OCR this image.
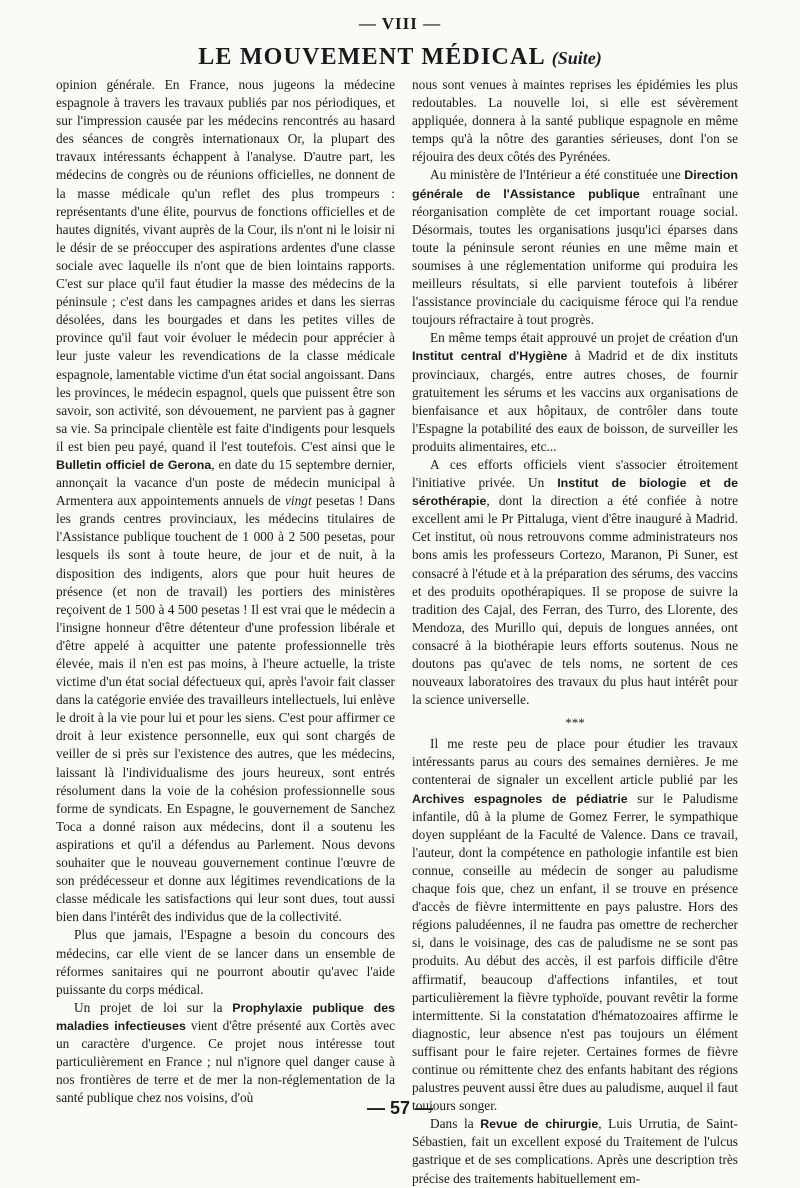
— VIII —
LE MOUVEMENT MÉDICAL (Suite)

opinion générale. En France, nous jugeons la médecine espagnole à travers les travaux publiés par nos périodiques, et sur l'impression causée par les médecins rencontrés au hasard des séances de congrès internationaux Or, la plupart des travaux intéressants échappent à l'analyse. D'autre part, les médecins de congrès ou de réunions officielles, ne donnent de la masse médicale qu'un reflet des plus trompeurs : représentants d'une élite, pourvus de fonctions officielles et de hautes dignités, vivant auprès de la Cour, ils n'ont ni le loisir ni le désir de se préoccuper des aspirations ardentes d'une classe sociale avec laquelle ils n'ont que de bien lointains rapports. C'est sur place qu'il faut étudier la masse des médecins de la péninsule ; c'est dans les campagnes arides et dans les sierras désolées, dans les bourgades et dans les petites villes de province qu'il faut voir évoluer le médecin pour apprécier à leur juste valeur les revendications de la classe médicale espagnole, lamentable victime d'un état social angoissant. Dans les provinces, le médecin espagnol, quels que puissent être son savoir, son activité, son dévouement, ne parvient pas à gagner sa vie. Sa principale clientèle est faite d'indigents pour lesquels il est bien peu payé, quand il l'est toutefois. C'est ainsi que le Bulletin officiel de Gerona, en date du 15 septembre dernier, annonçait la vacance d'un poste de médecin municipal à Armentera aux appointements annuels de vingt pesetas ! Dans les grands centres provinciaux, les médecins titulaires de l'Assistance publique touchent de 1 000 à 2 500 pesetas, pour lesquels ils sont à toute heure, de jour et de nuit, à la disposition des indigents, alors que pour huit heures de présence (et non de travail) les portiers des ministères reçoivent de 1 500 à 4 500 pesetas ! Il est vrai que le médecin a l'insigne honneur d'être détenteur d'une profession libérale et d'être appelé à acquitter une patente professionnelle très élevée, mais il n'en est pas moins, à l'heure actuelle, la triste victime d'un état social défectueux qui, après l'avoir fait classer dans la catégorie enviée des travailleurs intellectuels, lui enlève le droit à la vie pour lui et pour les siens. C'est pour affirmer ce droit à leur existence personnelle, eux qui sont chargés de veiller de si près sur l'existence des autres, que les médecins, laissant là l'individualisme des jours heureux, sont entrés résolument dans la voie de la cohésion professionnelle sous forme de syndicats. En Espagne, le gouvernement de Sanchez Toca a donné raison aux médecins, dont il a soutenu les aspirations et qu'il a défendus au Parlement. Nous devons souhaiter que le nouveau gouvernement continue l'œuvre de son prédécesseur et donne aux légitimes revendications de la classe médicale les satisfactions qui leur sont dues, tout aussi bien dans l'intérêt des individus que de la collectivité.

Plus que jamais, l'Espagne a besoin du concours des médecins, car elle vient de se lancer dans un ensemble de réformes sanitaires qui ne pourront aboutir qu'avec l'aide puissante du corps médical.

Un projet de loi sur la Prophylaxie publique des maladies infectieuses vient d'être présenté aux Cortès avec un caractère d'urgence. Ce projet nous intéresse tout particulièrement en France ; nul n'ignore quel danger cause à nos frontières de terre et de mer la non-réglementation de la santé publique chez nos voisins, d'où

nous sont venues à maintes reprises les épidémies les plus redoutables. La nouvelle loi, si elle est sévèrement appliquée, donnera à la santé publique espagnole en même temps qu'à la nôtre des garanties sérieuses, dont l'on se réjouira des deux côtés des Pyrénées.

Au ministère de l'Intérieur a été constituée une Direction générale de l'Assistance publique entraînant une réorganisation complète de cet important rouage social. Désormais, toutes les organisations jusqu'ici éparses dans toute la péninsule seront réunies en une même main et soumises à une réglementation uniforme qui produira les meilleurs résultats, si elle parvient toutefois à libérer l'assistance provinciale du caciquisme féroce qui l'a rendue toujours réfractaire à tout progrès.

En même temps était approuvé un projet de création d'un Institut central d'Hygiène à Madrid et de dix instituts provinciaux, chargés, entre autres choses, de fournir gratuitement les sérums et les vaccins aux organisations de bienfaisance et aux hôpitaux, de contrôler dans toute l'Espagne la potabilité des eaux de boisson, de surveiller les produits alimentaires, etc...

A ces efforts officiels vient s'associer étroitement l'initiative privée. Un Institut de biologie et de sérothérapie, dont la direction a été confiée à notre excellent ami le Pr Pittaluga, vient d'être inauguré à Madrid. Cet institut, où nous retrouvons comme administrateurs nos bons amis les professeurs Cortezo, Maranon, Pi Suner, est consacré à l'étude et à la préparation des sérums, des vaccins et des produits opothérapiques. Il se propose de suivre la tradition des Cajal, des Ferran, des Turro, des Llorente, des Mendoza, des Murillo qui, depuis de longues années, ont consacré à la biothérapie leurs efforts soutenus. Nous ne doutons pas qu'avec de tels noms, ne sortent de ces nouveaux laboratoires des travaux du plus haut intérêt pour la science universelle.

***

Il me reste peu de place pour étudier les travaux intéressants parus au cours des semaines dernières. Je me contenterai de signaler un excellent article publié par les Archives espagnoles de pédiatrie sur le Paludisme infantile, dû à la plume de Gomez Ferrer, le sympathique doyen suppléant de la Faculté de Valence. Dans ce travail, l'auteur, dont la compétence en pathologie infantile est bien connue, conseille au médecin de songer au paludisme chaque fois que, chez un enfant, il se trouve en présence d'accès de fièvre intermittente en pays palustre. Hors des régions paludéennes, il ne faudra pas omettre de rechercher si, dans le voisinage, des cas de paludisme ne se sont pas produits. Au début des accès, il est parfois difficile d'être affirmatif, beaucoup d'affections infantiles, et tout particulièrement la fièvre typhoïde, pouvant revêtir la forme intermittente. Si la constatation d'hématozoaires affirme le diagnostic, leur absence n'est pas toujours un élément suffisant pour le faire rejeter. Certaines formes de fièvre continue ou rémittente chez des enfants habitant des régions palustres peuvent aussi être dues au paludisme, auquel il faut toujours songer.

Dans la Revue de chirurgie, Luis Urrutia, de Saint-Sébastien, fait un excellent exposé du Traitement de l'ulcus gastrique et de ses complications. Après une description très précise des traitements habituellement em-

— 57 —
